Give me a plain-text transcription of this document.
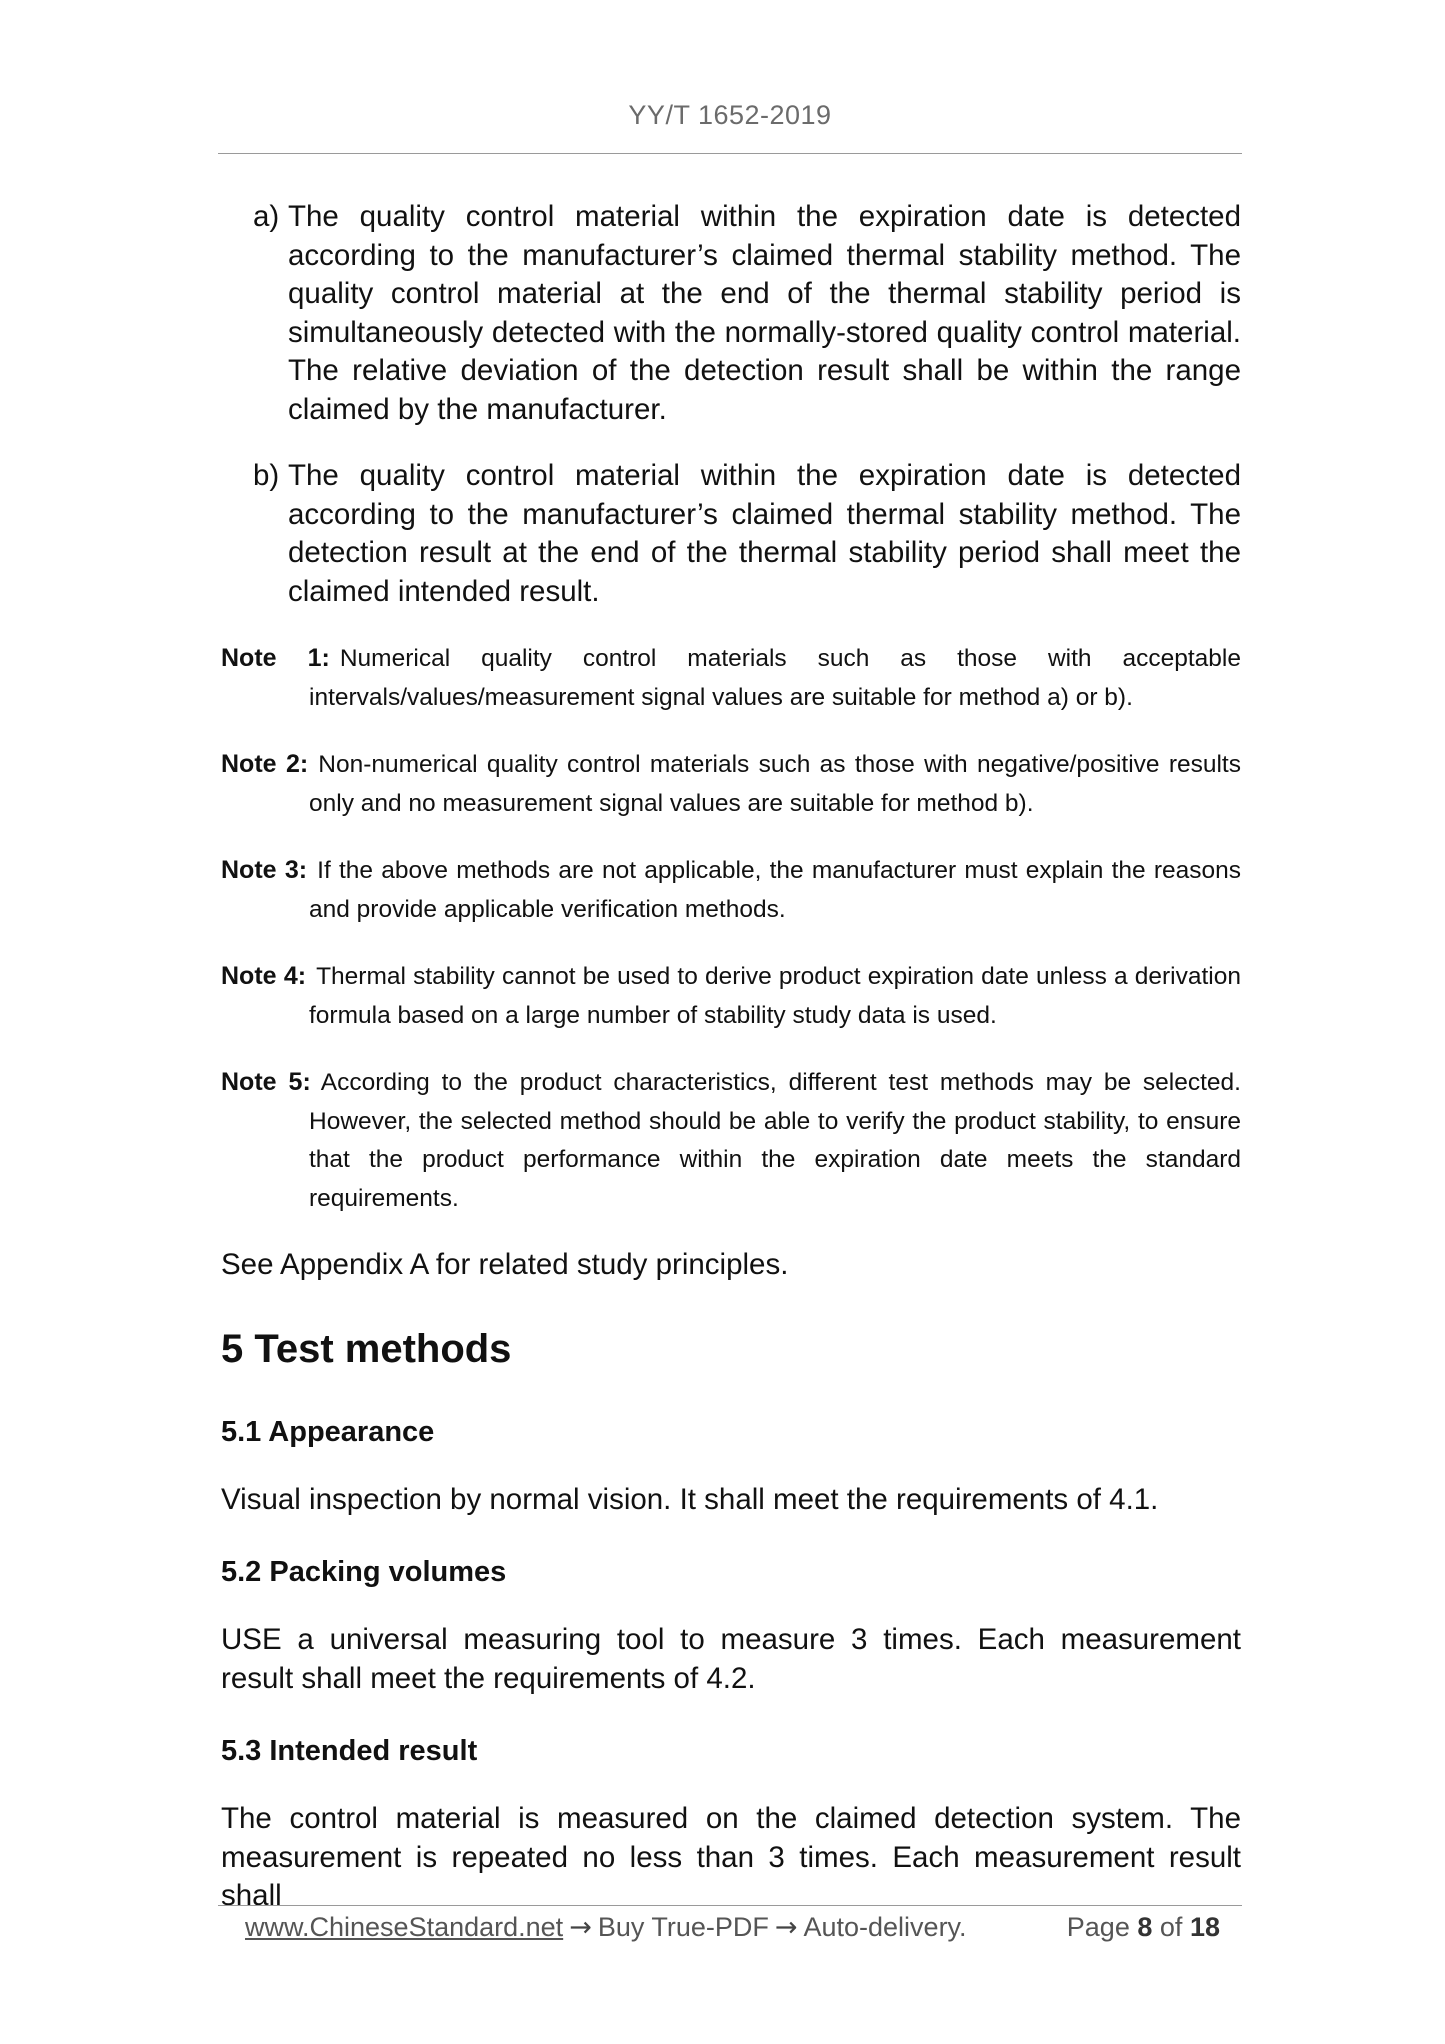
YY/T 1652-2019
a) The quality control material within the expiration date is detected according to the manufacturer’s claimed thermal stability method. The quality control material at the end of the thermal stability period is simultaneously detected with the normally-stored quality control material. The relative deviation of the detection result shall be within the range claimed by the manufacturer.
b) The quality control material within the expiration date is detected according to the manufacturer’s claimed thermal stability method. The detection result at the end of the thermal stability period shall meet the claimed intended result.
Note 1: Numerical quality control materials such as those with acceptable intervals/values/measurement signal values are suitable for method a) or b).
Note 2: Non-numerical quality control materials such as those with negative/positive results only and no measurement signal values are suitable for method b).
Note 3: If the above methods are not applicable, the manufacturer must explain the reasons and provide applicable verification methods.
Note 4: Thermal stability cannot be used to derive product expiration date unless a derivation formula based on a large number of stability study data is used.
Note 5: According to the product characteristics, different test methods may be selected. However, the selected method should be able to verify the product stability, to ensure that the product performance within the expiration date meets the standard requirements.

See Appendix A for related study principles.

5 Test methods
5.1 Appearance

Visual inspection by normal vision. It shall meet the requirements of 4.1.

5.2 Packing volumes

USE a universal measuring tool to measure 3 times. Each measurement result shall meet the requirements of 4.2.

5.3 Intended result

The control material is measured on the claimed detection system. The measurement is repeated no less than 3 times. Each measurement result shall

www.ChineseStandard.net → Buy True-PDF → Auto-delivery.	Page 8 of 18
